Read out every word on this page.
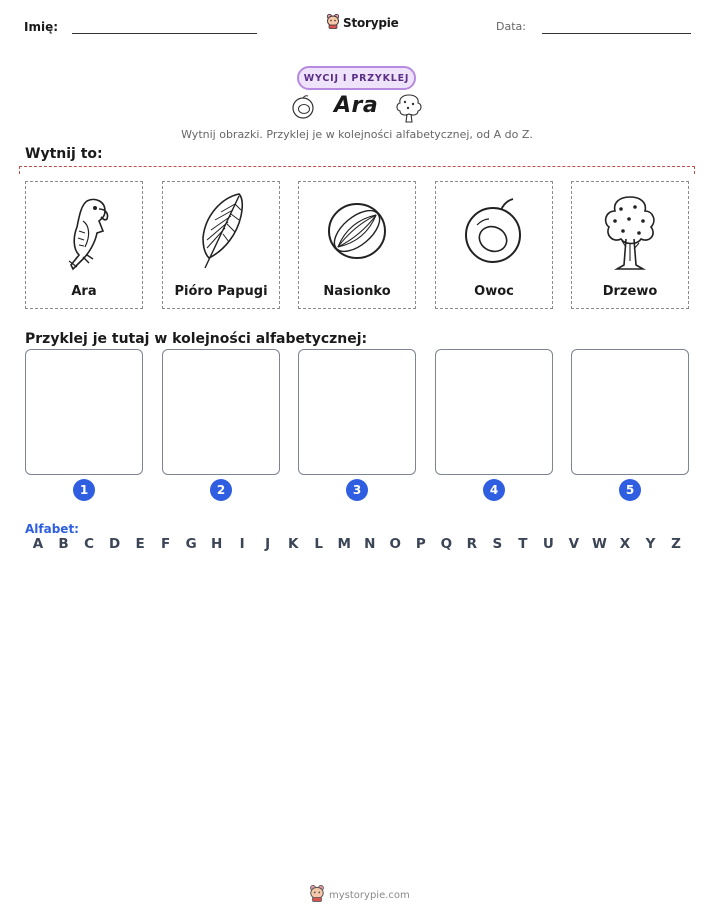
Imię:	Storypie	Data:
WYCIJ I PRZYKLEJ
Ara
Wytnij obrazki. Przyklej je w kolejności alfabetycznej, od A do Z.
Wytnij to:
Ara	Pióro Papugi	Nasionko	Owoc	Drzewo
Przyklej je tutaj w kolejności alfabetycznej:
1	2	3	4	5
Alfabet:
A B C D E F G H I J K L M N O P Q R S T U V W X Y Z
mystorypie.com
